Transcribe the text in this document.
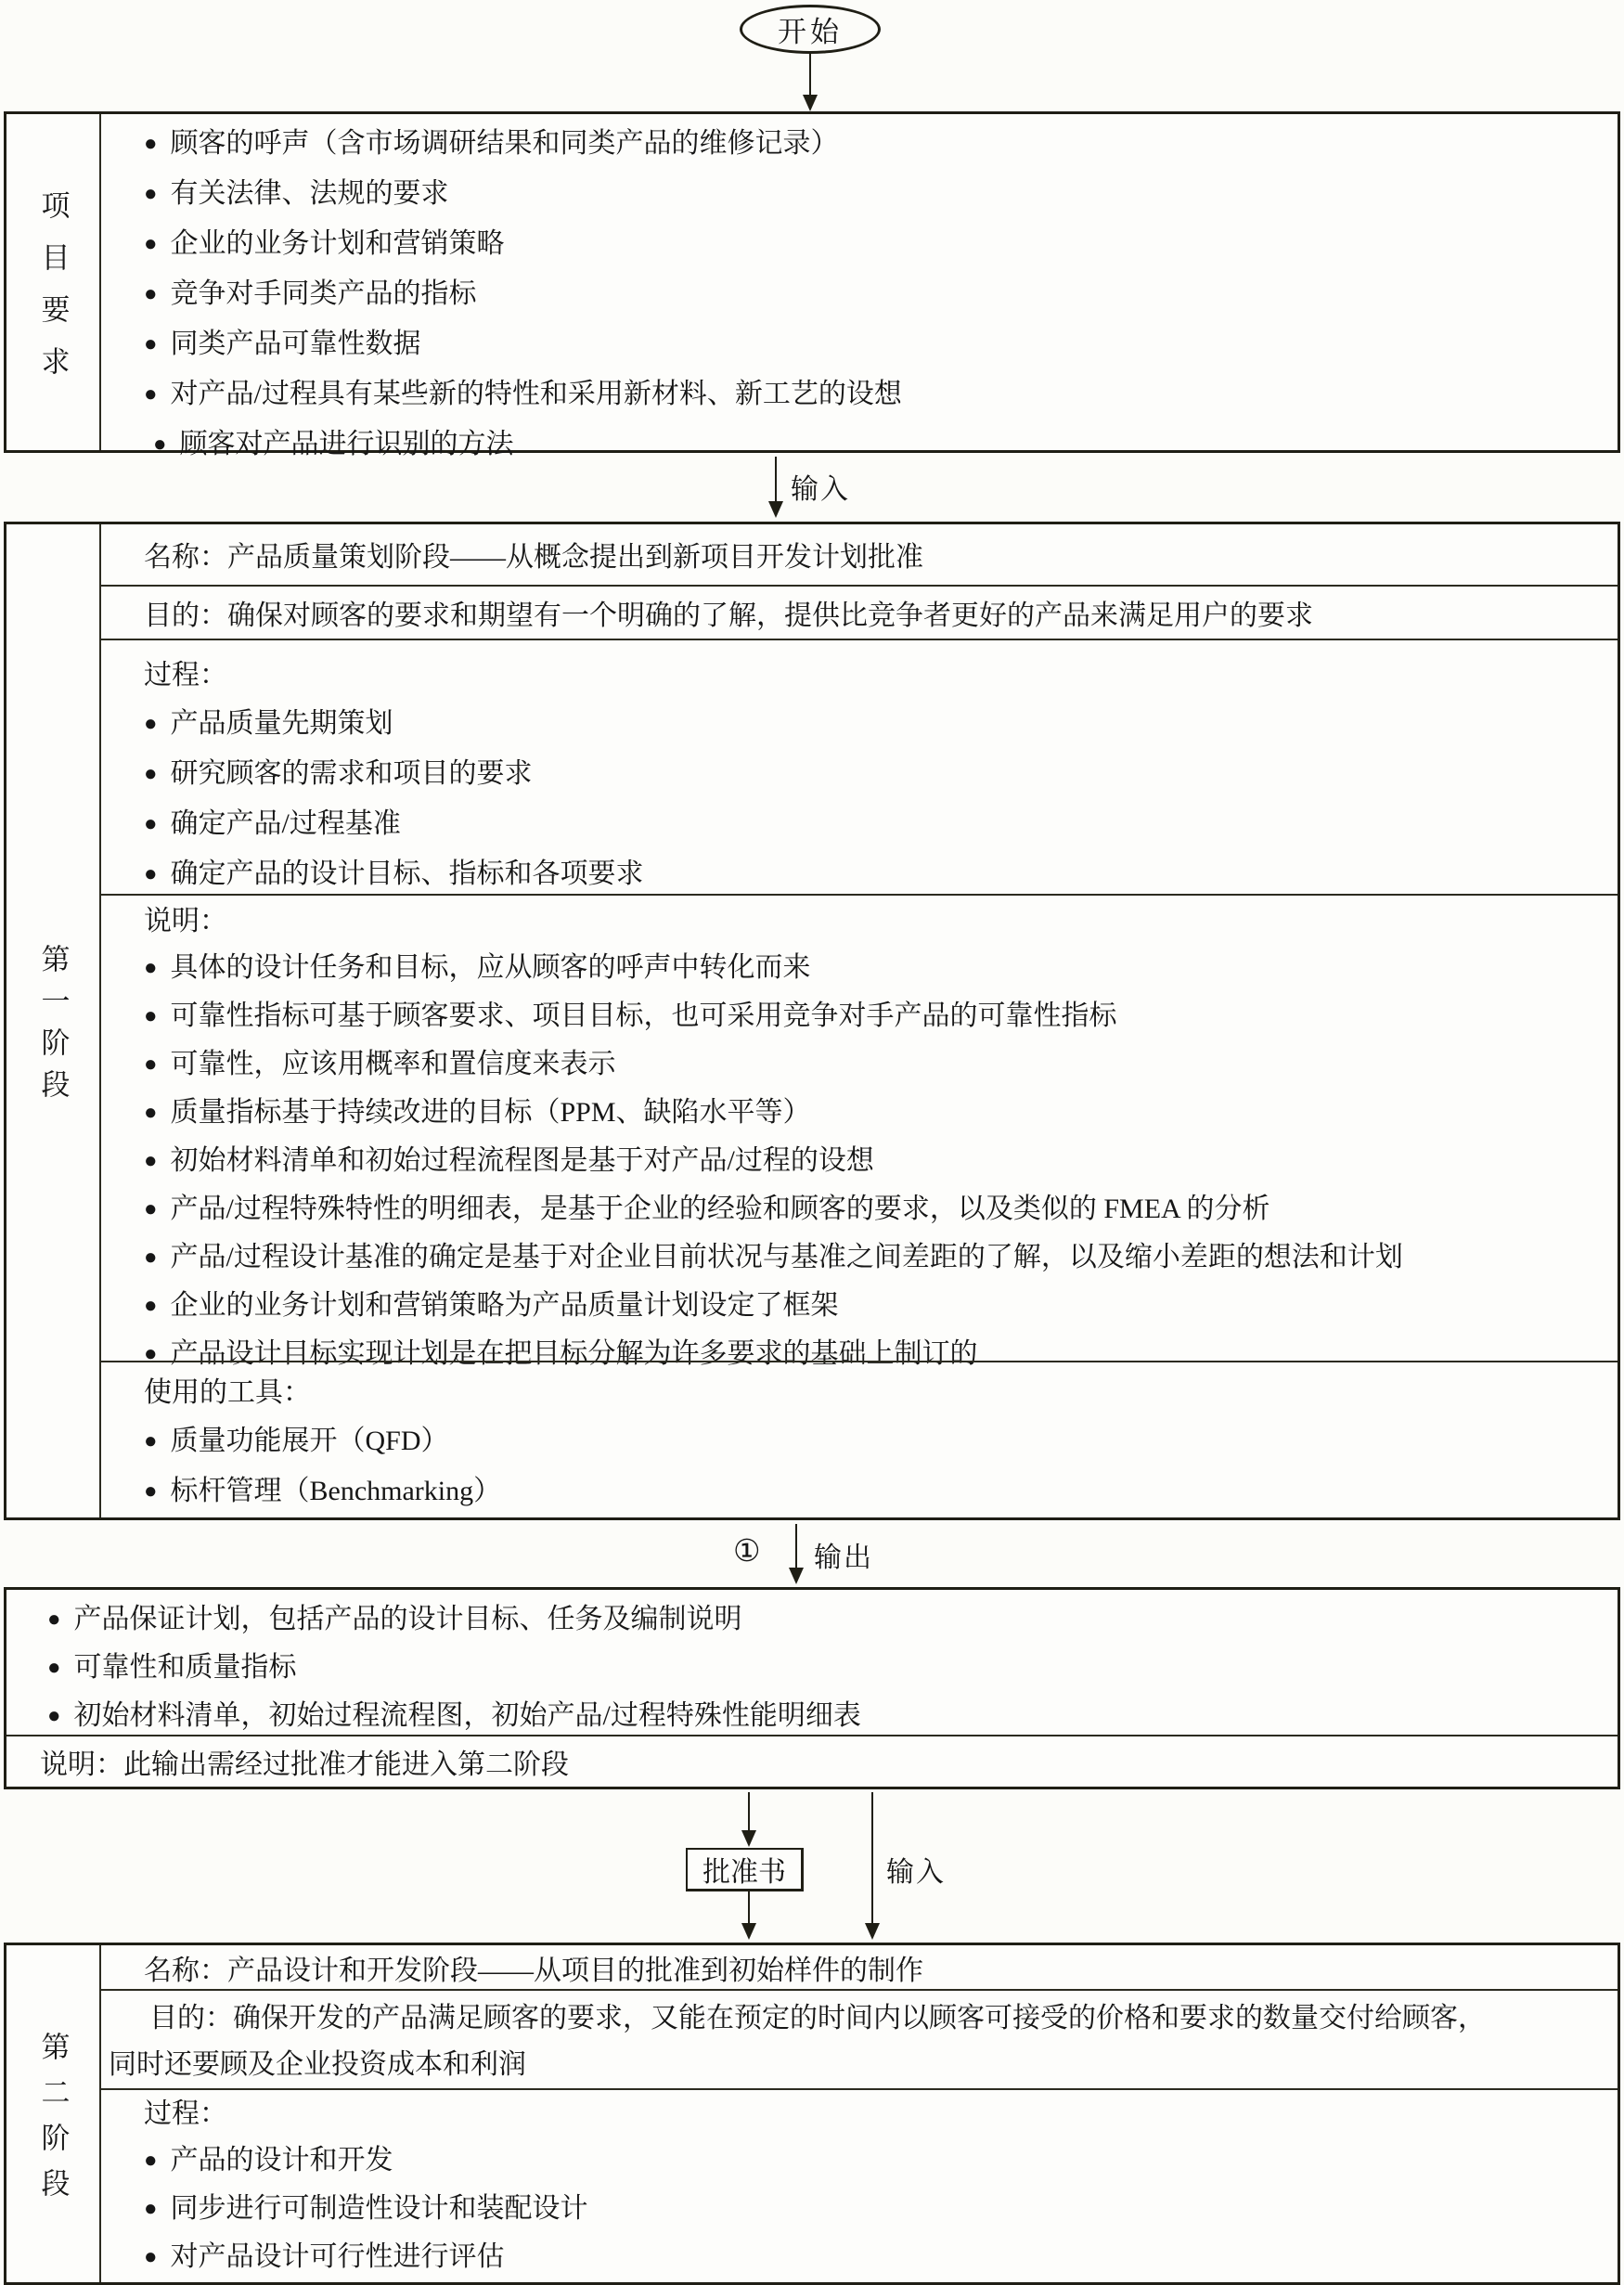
开始
项目要求
● 顾客的呼声（含市场调研结果和同类产品的维修记录）
● 有关法律、法规的要求
● 企业的业务计划和营销策略
● 竞争对手同类产品的指标
● 同类产品可靠性数据
● 对产品/过程具有某些新的特性和采用新材料、新工艺的设想
● 顾客对产品进行识别的方法
输入
第一阶段
名称：产品质量策划阶段——从概念提出到新项目开发计划批准
目的：确保对顾客的要求和期望有一个明确的了解，提供比竞争者更好的产品来满足用户的要求
过程：
● 产品质量先期策划
● 研究顾客的需求和项目的要求
● 确定产品/过程基准
● 确定产品的设计目标、指标和各项要求
说明：
● 具体的设计任务和目标，应从顾客的呼声中转化而来
● 可靠性指标可基于顾客要求、项目目标，也可采用竞争对手产品的可靠性指标
● 可靠性，应该用概率和置信度来表示
● 质量指标基于持续改进的目标（PPM、缺陷水平等）
● 初始材料清单和初始过程流程图是基于对产品/过程的设想
● 产品/过程特殊特性的明细表，是基于企业的经验和顾客的要求，以及类似的 FMEA 的分析
● 产品/过程设计基准的确定是基于对企业目前状况与基准之间差距的了解，以及缩小差距的想法和计划
● 企业的业务计划和营销策略为产品质量计划设定了框架
● 产品设计目标实现计划是在把目标分解为许多要求的基础上制订的
使用的工具：
● 质量功能展开（QFD）
● 标杆管理（Benchmarking）
① 输出
● 产品保证计划，包括产品的设计目标、任务及编制说明
● 可靠性和质量指标
● 初始材料清单，初始过程流程图，初始产品/过程特殊性能明细表
说明：此输出需经过批准才能进入第二阶段
批准书	输入
第二阶段
名称：产品设计和开发阶段——从项目的批准到初始样件的制作
目的：确保开发的产品满足顾客的要求，又能在预定的时间内以顾客可接受的价格和要求的数量交付给顾客，
同时还要顾及企业投资成本和利润
过程：
● 产品的设计和开发
● 同步进行可制造性设计和装配设计
● 对产品设计可行性进行评估
